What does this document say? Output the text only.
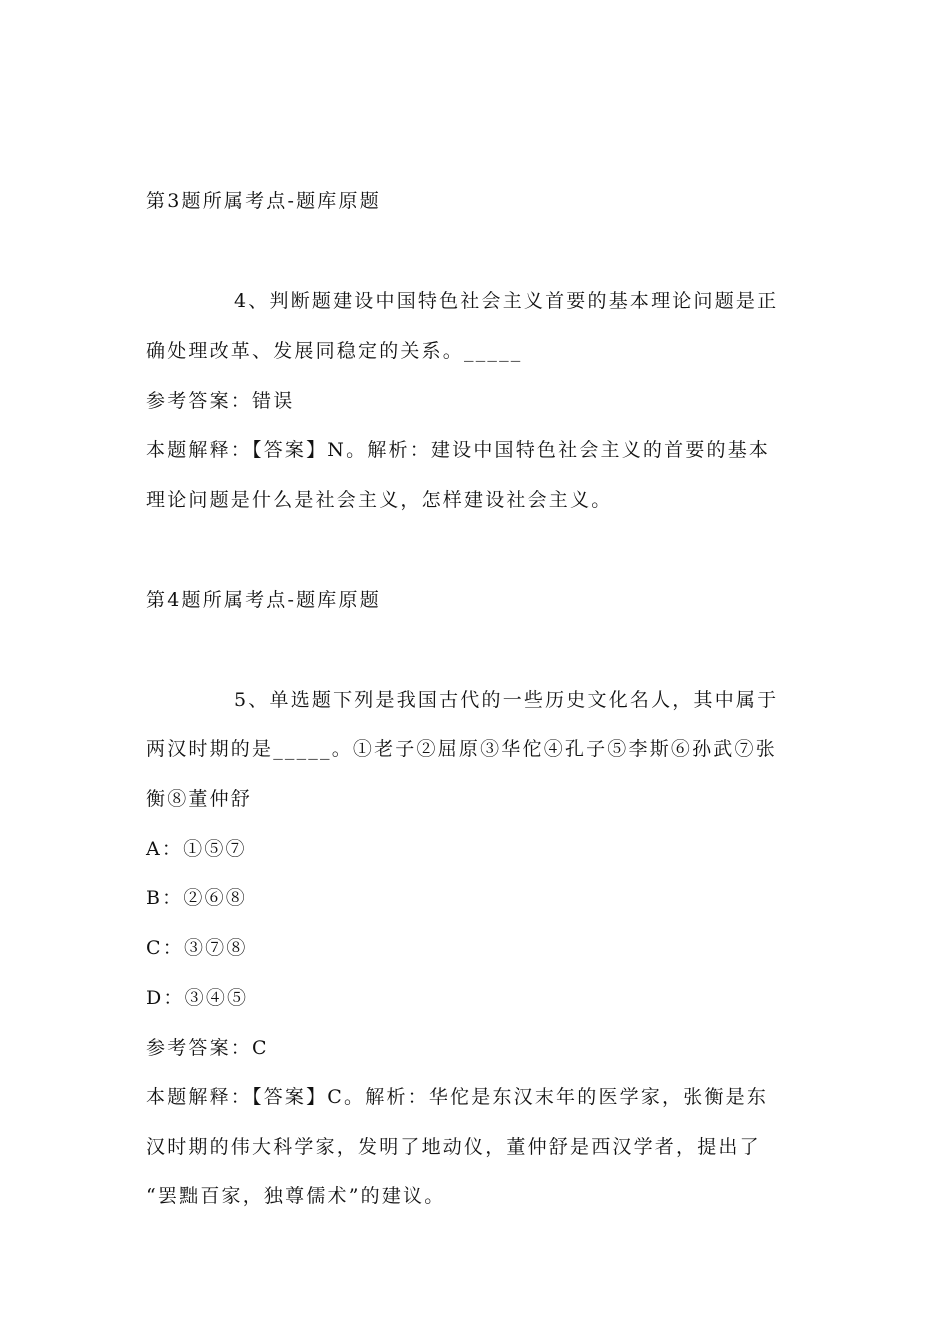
第3题所属考点-题库原题
4、判断题建设中国特色社会主义首要的基本理论问题是正
确处理改革、发展同稳定的关系。_____
参考答案：错误
本题解释：【答案】N。解析：建设中国特色社会主义的首要的基本
理论问题是什么是社会主义，怎样建设社会主义。
第4题所属考点-题库原题
5、单选题下列是我国古代的一些历史文化名人，其中属于
两汉时期的是_____。①老子②屈原③华佗④孔子⑤李斯⑥孙武⑦张
衡⑧董仲舒
A：①⑤⑦
B：②⑥⑧
C：③⑦⑧
D：③④⑤
参考答案：C
本题解释：【答案】C。解析：华佗是东汉末年的医学家，张衡是东
汉时期的伟大科学家，发明了地动仪，董仲舒是西汉学者，提出了
“罢黜百家，独尊儒术”的建议。
